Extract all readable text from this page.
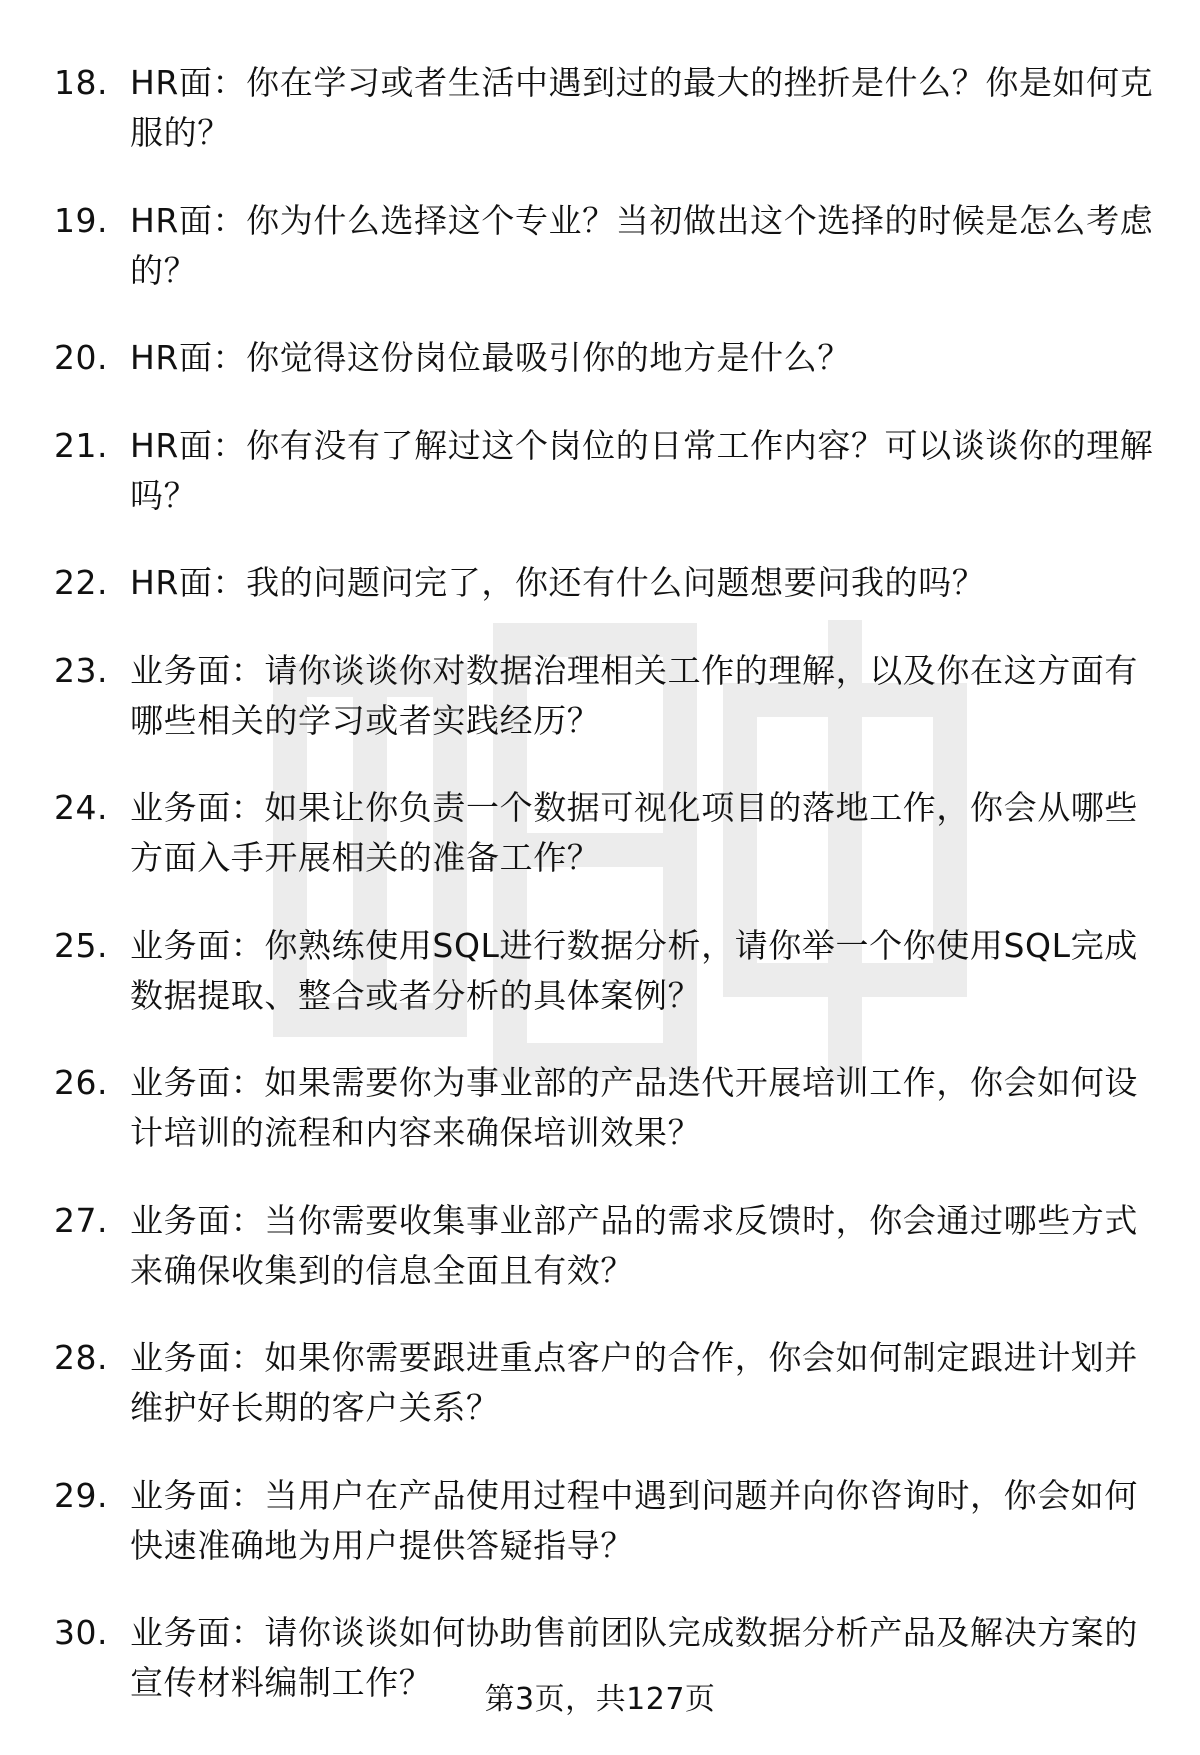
18. HR面：你在学习或者生活中遇到过的最大的挫折是什么？你是如何克服的？
19. HR面：你为什么选择这个专业？当初做出这个选择的时候是怎么考虑的？
20. HR面：你觉得这份岗位最吸引你的地方是什么？
21. HR面：你有没有了解过这个岗位的日常工作内容？可以谈谈你的理解吗？
22. HR面：我的问题问完了，你还有什么问题想要问我的吗？
23. 业务面：请你谈谈你对数据治理相关工作的理解，以及你在这方面有哪些相关的学习或者实践经历？
24. 业务面：如果让你负责一个数据可视化项目的落地工作，你会从哪些方面入手开展相关的准备工作？
25. 业务面：你熟练使用SQL进行数据分析，请你举一个你使用SQL完成数据提取、整合或者分析的具体案例？
26. 业务面：如果需要你为事业部的产品迭代开展培训工作，你会如何设计培训的流程和内容来确保培训效果？
27. 业务面：当你需要收集事业部产品的需求反馈时，你会通过哪些方式来确保收集到的信息全面且有效？
28. 业务面：如果你需要跟进重点客户的合作，你会如何制定跟进计划并维护好长期的客户关系？
29. 业务面：当用户在产品使用过程中遇到问题并向你咨询时，你会如何快速准确地为用户提供答疑指导？
30. 业务面：请你谈谈如何协助售前团队完成数据分析产品及解决方案的宣传材料编制工作？	第3页，共127页
